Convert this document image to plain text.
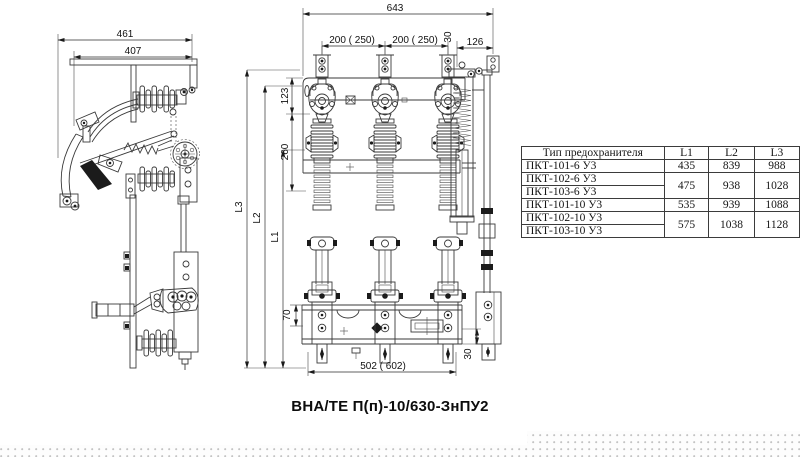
461
407
643
200 ( 250) 200 ( 250) 30 126
L3
L2
L1
123
260
30
70
502 ( 602)
Тип предохранителя	L1	L2	L3
ПКТ-101-6 У3	435	839	988
ПКТ-102-6 У3	475	938	1028
ПКТ-103-6 У3			
ПКТ-101-10 У3	535	939	1088
ПКТ-102-10 У3	575	1038	1128
ПКТ-103-10 У3			
ВНА/ТЕ П(п)-10/630-ЗнПУ2
